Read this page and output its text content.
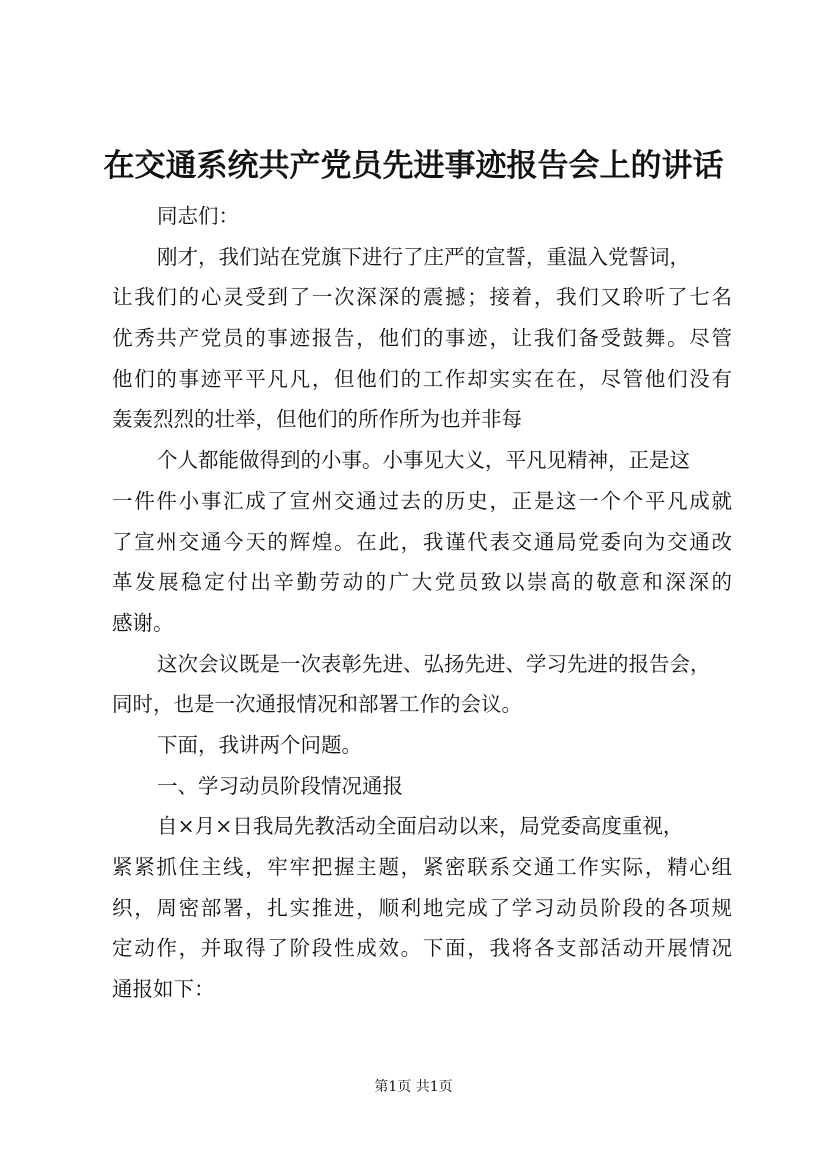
在交通系统共产党员先进事迹报告会上的讲话
同志们：
刚才，我们站在党旗下进行了庄严的宣誓，重温入党誓词，
让我们的心灵受到了一次深深的震撼；接着，我们又聆听了七名
优秀共产党员的事迹报告，他们的事迹，让我们备受鼓舞。尽管
他们的事迹平平凡凡，但他们的工作却实实在在，尽管他们没有
轰轰烈烈的壮举，但他们的所作所为也并非每
个人都能做得到的小事。小事见大义，平凡见精神，正是这
一件件小事汇成了宣州交通过去的历史，正是这一个个平凡成就
了宣州交通今天的辉煌。在此，我谨代表交通局党委向为交通改
革发展稳定付出辛勤劳动的广大党员致以崇高的敬意和深深的
感谢。
这次会议既是一次表彰先进、弘扬先进、学习先进的报告会，
同时，也是一次通报情况和部署工作的会议。
下面，我讲两个问题。
一、学习动员阶段情况通报
自×月×日我局先教活动全面启动以来，局党委高度重视，
紧紧抓住主线，牢牢把握主题，紧密联系交通工作实际，精心组
织，周密部署，扎实推进，顺利地完成了学习动员阶段的各项规
定动作，并取得了阶段性成效。下面，我将各支部活动开展情况
通报如下：
第1页 共1页
